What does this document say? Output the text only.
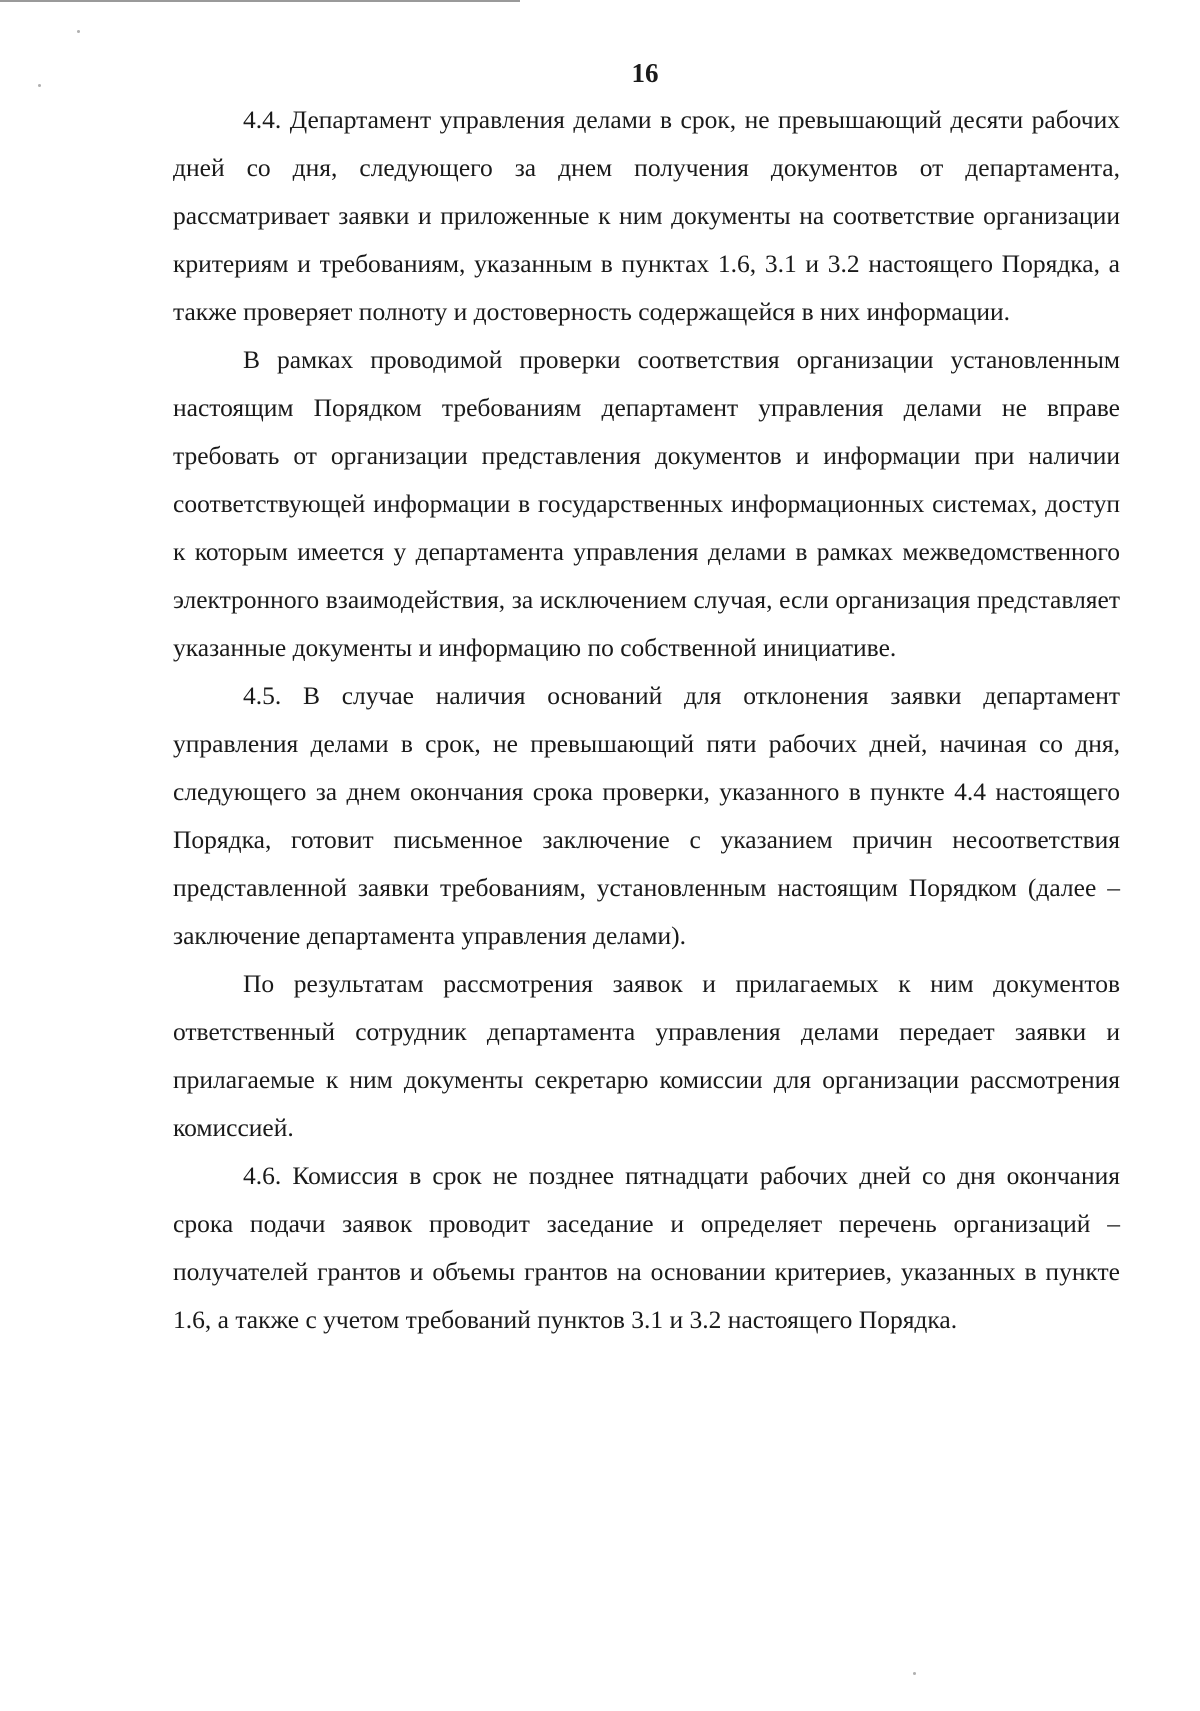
16

4.4. Департамент управления делами в срок, не превышающий десяти рабочих дней со дня, следующего за днем получения документов от департамента, рассматривает заявки и приложенные к ним документы на соответствие организации критериям и требованиям, указанным в пунктах 1.6, 3.1 и 3.2 настоящего Порядка, а также проверяет полноту и достоверность содержащейся в них информации.

В рамках проводимой проверки соответствия организации установленным настоящим Порядком требованиям департамент управления делами не вправе требовать от организации представления документов и информации при наличии соответствующей информации в государственных информационных системах, доступ к которым имеется у департамента управления делами в рамках межведомственного электронного взаимодействия, за исключением случая, если организация представляет указанные документы и информацию по собственной инициативе.

4.5. В случае наличия оснований для отклонения заявки департамент управления делами в срок, не превышающий пяти рабочих дней, начиная со дня, следующего за днем окончания срока проверки, указанного в пункте 4.4 настоящего Порядка, готовит письменное заключение с указанием причин несоответствия представленной заявки требованиям, установленным настоящим Порядком (далее – заключение департамента управления делами).

По результатам рассмотрения заявок и прилагаемых к ним документов ответственный сотрудник департамента управления делами передает заявки и прилагаемые к ним документы секретарю комиссии для организации рассмотрения комиссией.

4.6. Комиссия в срок не позднее пятнадцати рабочих дней со дня окончания срока подачи заявок проводит заседание и определяет перечень организаций – получателей грантов и объемы грантов на основании критериев, указанных в пункте 1.6, а также с учетом требований пунктов 3.1 и 3.2 настоящего Порядка.
